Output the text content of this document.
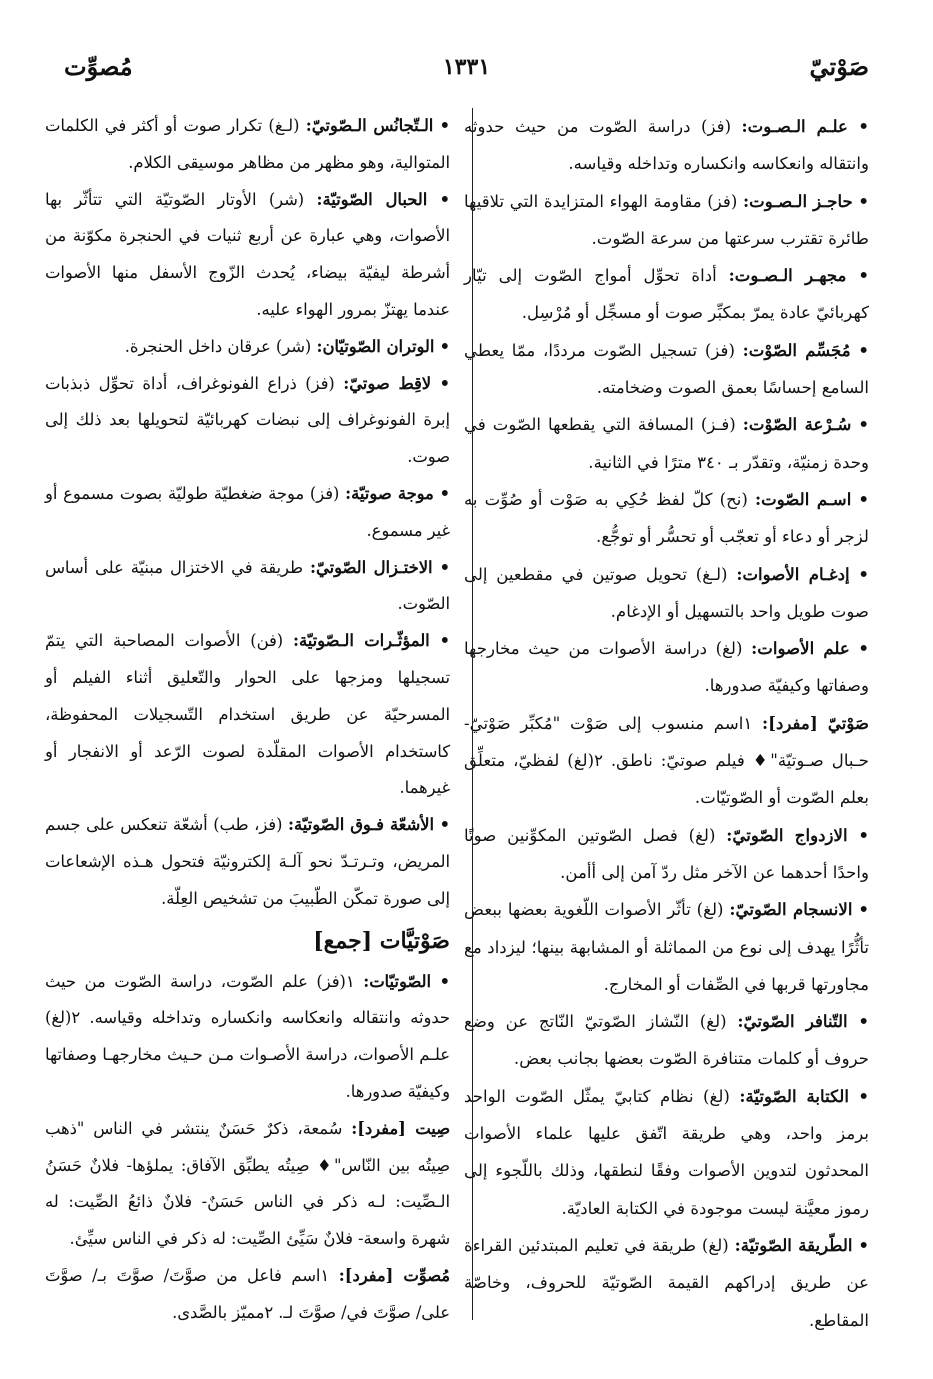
صَوْتيّ
١٣٣١
مُصوِّت

• علـم الـصـوت: (فز) دراسة الصّوت من حيث حدوثه وانتقاله وانعكاسه وانكساره وتداخله وقياسه.

• حاجـز الـصـوت: (فز) مقاومة الهواء المتزايدة التي تلاقيها طائرة تقترب سرعتها من سرعة الصّوت.

• مجهـر الـصـوت: أداة تحوِّل أمواج الصّوت إلى تيّار كهربائيّ عادة يمرّ بمكبِّر صوت أو مسجِّل أو مُرْسِل.

• مُجَسِّم الصّوْت: (فز) تسجيل الصّوت مرددًا، ممّا يعطي السامع إحساسًا بعمق الصوت وضخامته.

• سُـرْعة الصّوْت: (فـز) المسافة التي يقطعها الصّوت في وحدة زمنيّة، وتقدّر بـ ٣٤٠ مترًا في الثانية.

• اسـم الصّوت: (نح) كلّ لفظ حُكِي به صَوْت أو صُوِّت به لزجر أو دعاء أو تعجّب أو تحسُّر أو توجُّع.

• إدغـام الأصوات: (لـغ) تحويل صوتين في مقطعين إلى صوت طويل واحد بالتسهيل أو الإدغام.

• علم الأصوات: (لغ) دراسة الأصوات من حيث مخارجها وصفاتها وكيفيّة صدورها.

صَوْتيّ [مفرد]: ١اسم منسوب إلى صَوْت "مُكبِّر صَوْتيّ- حـبال صـوتيّة"♦ فيلم صوتيّ: ناطق. ٢(لغ) لفظيّ، متعلِّق بعلم الصّوت أو الصّوتيّات.

• الازدواج الصّوتيّ: (لغ) فصل الصّوتين المكوِّنين صوتًا واحدًا أحدهما عن الآخر مثل ردّ آمن إلى أأمن.

• الانسجام الصّوتيّ: (لغ) تأثّر الأصوات اللّغوية بعضها ببعض تأثُّرًا يهدف إلى نوع من المماثلة أو المشابهة بينها؛ ليزداد مع مجاورتها قربها في الصِّفات أو المخارج.

• التّنافر الصّوتيّ: (لغ) النّشاز الصّوتيّ النّاتج عن وضع حروف أو كلمات متنافرة الصّوت بعضها بجانب بعض.

• الكتابة الصّوتيّة: (لغ) نظام كتابيّ يمثّل الصّوت الواحد برمز واحد، وهي طريقة اتّفق عليها علماء الأصوات المحدثون لتدوين الأصوات وفقًا لنطقها، وذلك باللّجوء إلى رموز معيَّنة ليست موجودة في الكتابة العاديّة.

• الطّريقة الصّوتيّة: (لغ) طريقة في تعليم المبتدئين القراءة عن طريق إدراكهم القيمة الصّوتيّة للحروف، وخاصّة المقاطع.

• الـتّجانُس الـصّوتيّ: (لـغ) تكرار صوت أو أكثر في الكلمات المتوالية، وهو مظهر من مظاهر موسيقى الكلام.

• الحبال الصّوتيّة: (شر) الأوتار الصّوتيّة التي تتأثّر بها الأصوات، وهي عبارة عن أربع ثنيات في الحنجرة مكوّنة من أشرطة ليفيّة بيضاء، يُحدث الزّوج الأسفل منها الأصوات عندما يهتزّ بمرور الهواء عليه.

• الوتران الصّوتيّان: (شر) عرقان داخل الحنجرة.

• لاقِط صوتيّ: (فز) ذراع الفونوغراف، أداة تحوِّل ذبذبات إبرة الفونوغراف إلى نبضات كهربائيّة لتحويلها بعد ذلك إلى صوت.

• موجة صوتيّة: (فز) موجة ضغطيّة طوليّة بصوت مسموع أو غير مسموع.

• الاختـزال الصّوتيّ: طريقة في الاختزال مبنيّة على أساس الصّوت.

• المؤثّـرات الـصّوتيّة: (فن) الأصوات المصاحبة التي يتمّ تسجيلها ومزجها على الحوار والتّعليق أثناء الفيلم أو المسرحيّة عن طريق استخدام التّسجيلات المحفوظة، كاستخدام الأصوات المقلّدة لصوت الرّعد أو الانفجار أو غيرهما.

• الأشعّة فـوق الصّوتيّة: (فز، طب) أشعّة تنعكس على جسم المريض، وتـرتـدّ نحو آلـة إلكترونيّة فتحول هـذه الإشعاعات إلى صورة تمكّن الطّبيبَ من تشخيص العِلّة.

صَوْتيَّات [جمع]

• الصّوتيّات: ١(فز) علم الصّوت، دراسة الصّوت من حيث حدوثه وانتقاله وانعكاسه وانكساره وتداخله وقياسه. ٢(لغ) علـم الأصوات، دراسة الأصـوات مـن حـيث مخارجهـا وصفاتها وكيفيّة صدورها.

صِيت [مفرد]: سُمعة، ذكرٌ حَسَنٌ ينتشر في الناس "ذهب صِيتُه بين النّاس"♦ صِيتُه يطبِّق الآفاق: يملؤها- فلانٌ حَسَنُ الـصِّيت: لـه ذكر في الناس حَسَنٌ- فلانٌ ذائعُ الصِّيت: له شهرة واسعة- فلانٌ سَيِّئ الصِّيت: له ذكر في الناس سيِّئ.

مُصوِّت [مفرد]: ١اسم فاعل من صوَّتَ/ صوَّتَ بـ/ صوَّتَ على/ صوَّتَ في/ صوَّتَ لـ. ٢مميّز بالصَّدى.
